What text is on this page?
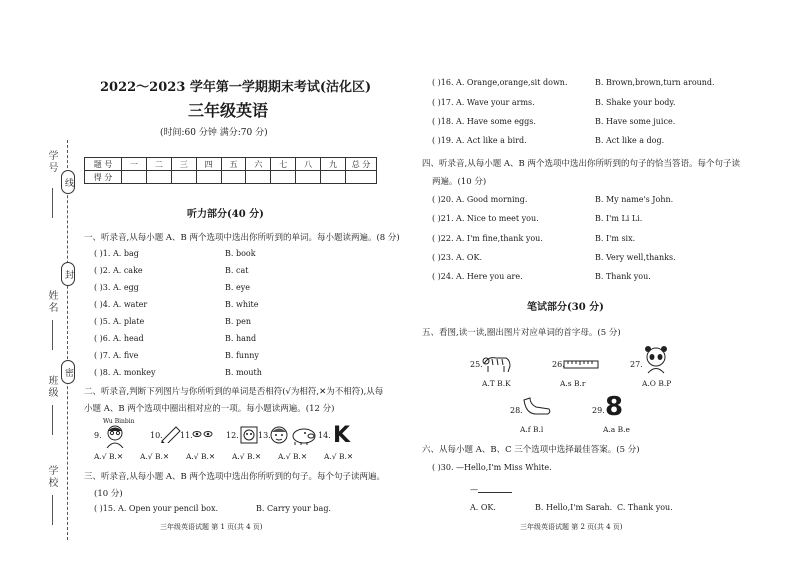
学号
姓名
班级
学校
线
封
密
2022～2023 学年第一学期期末考试(沽化区)
三年级英语
(时间:60 分钟 满分:70 分)
题 号	一	二	三	四	五	六	七	八	九	总 分
得 分										
听力部分(40 分)
一、听录音,从每小题 A、B 两个选项中选出你所听到的单词。每小题读两遍。(8 分)
( )1. A. bag	B. book
( )2. A. cake	B. cat
( )3. A. egg	B. eye
( )4. A. water	B. white
( )5. A. plate	B. pen
( )6. A. head	B. hand
( )7. A. five	B. funny
( )8. A. monkey	B. mouth
二、听录音,判断下列图片与你所听到的单词是否相符(√为相符,✕为不相符),从每
小题 A、B 两个选项中圈出相对应的一项。每小题读两遍。(12 分)
Wu Binbin
9.	10. 11.	12. 13.	14. K
A.√ B.✕ A.√ B.✕ A.√ B.✕ A.√ B.✕ A.√ B.✕ A.√ B.✕
三、听录音,从每小题 A、B 两个选项中选出你所听到的句子。每个句子读两遍。
(10 分)
( )15. A. Open your pencil box.	B. Carry your bag.
三年级英语试题 第 1 页(共 4 页)
( )16. A. Orange,orange,sit down.	B. Brown,brown,turn around.
( )17. A. Wave your arms.	B. Shake your body.
( )18. A. Have some eggs.	B. Have some juice.
( )19. A. Act like a bird.	B. Act like a dog.
四、听录音,从每小题 A、B 两个选项中选出你所听到的句子的恰当答语。每个句子读
两遍。(10 分)
( )20. A. Good morning.	B. My name's John.
( )21. A. Nice to meet you.	B. I'm Li Li.
( )22. A. I'm fine,thank you.	B. I'm six.
( )23. A. OK.	B. Very well,thanks.
( )24. A. Here you are.	B. Thank you.
笔试部分(30 分)
五、看图,读一读,圈出图片对应单词的首字母。(5 分)
25.
A.T B.K
26.
A.s B.r
27.
A.O B.P
28.
A.f B.l
29. 8
A.a B.e
六、从每小题 A、B、C 三个选项中选择最佳答案。(5 分)
( )30. —Hello,I'm Miss White.
—
A. OK.	B. Hello,I'm Sarah. C. Thank you.
三年级英语试题 第 2 页(共 4 页)
